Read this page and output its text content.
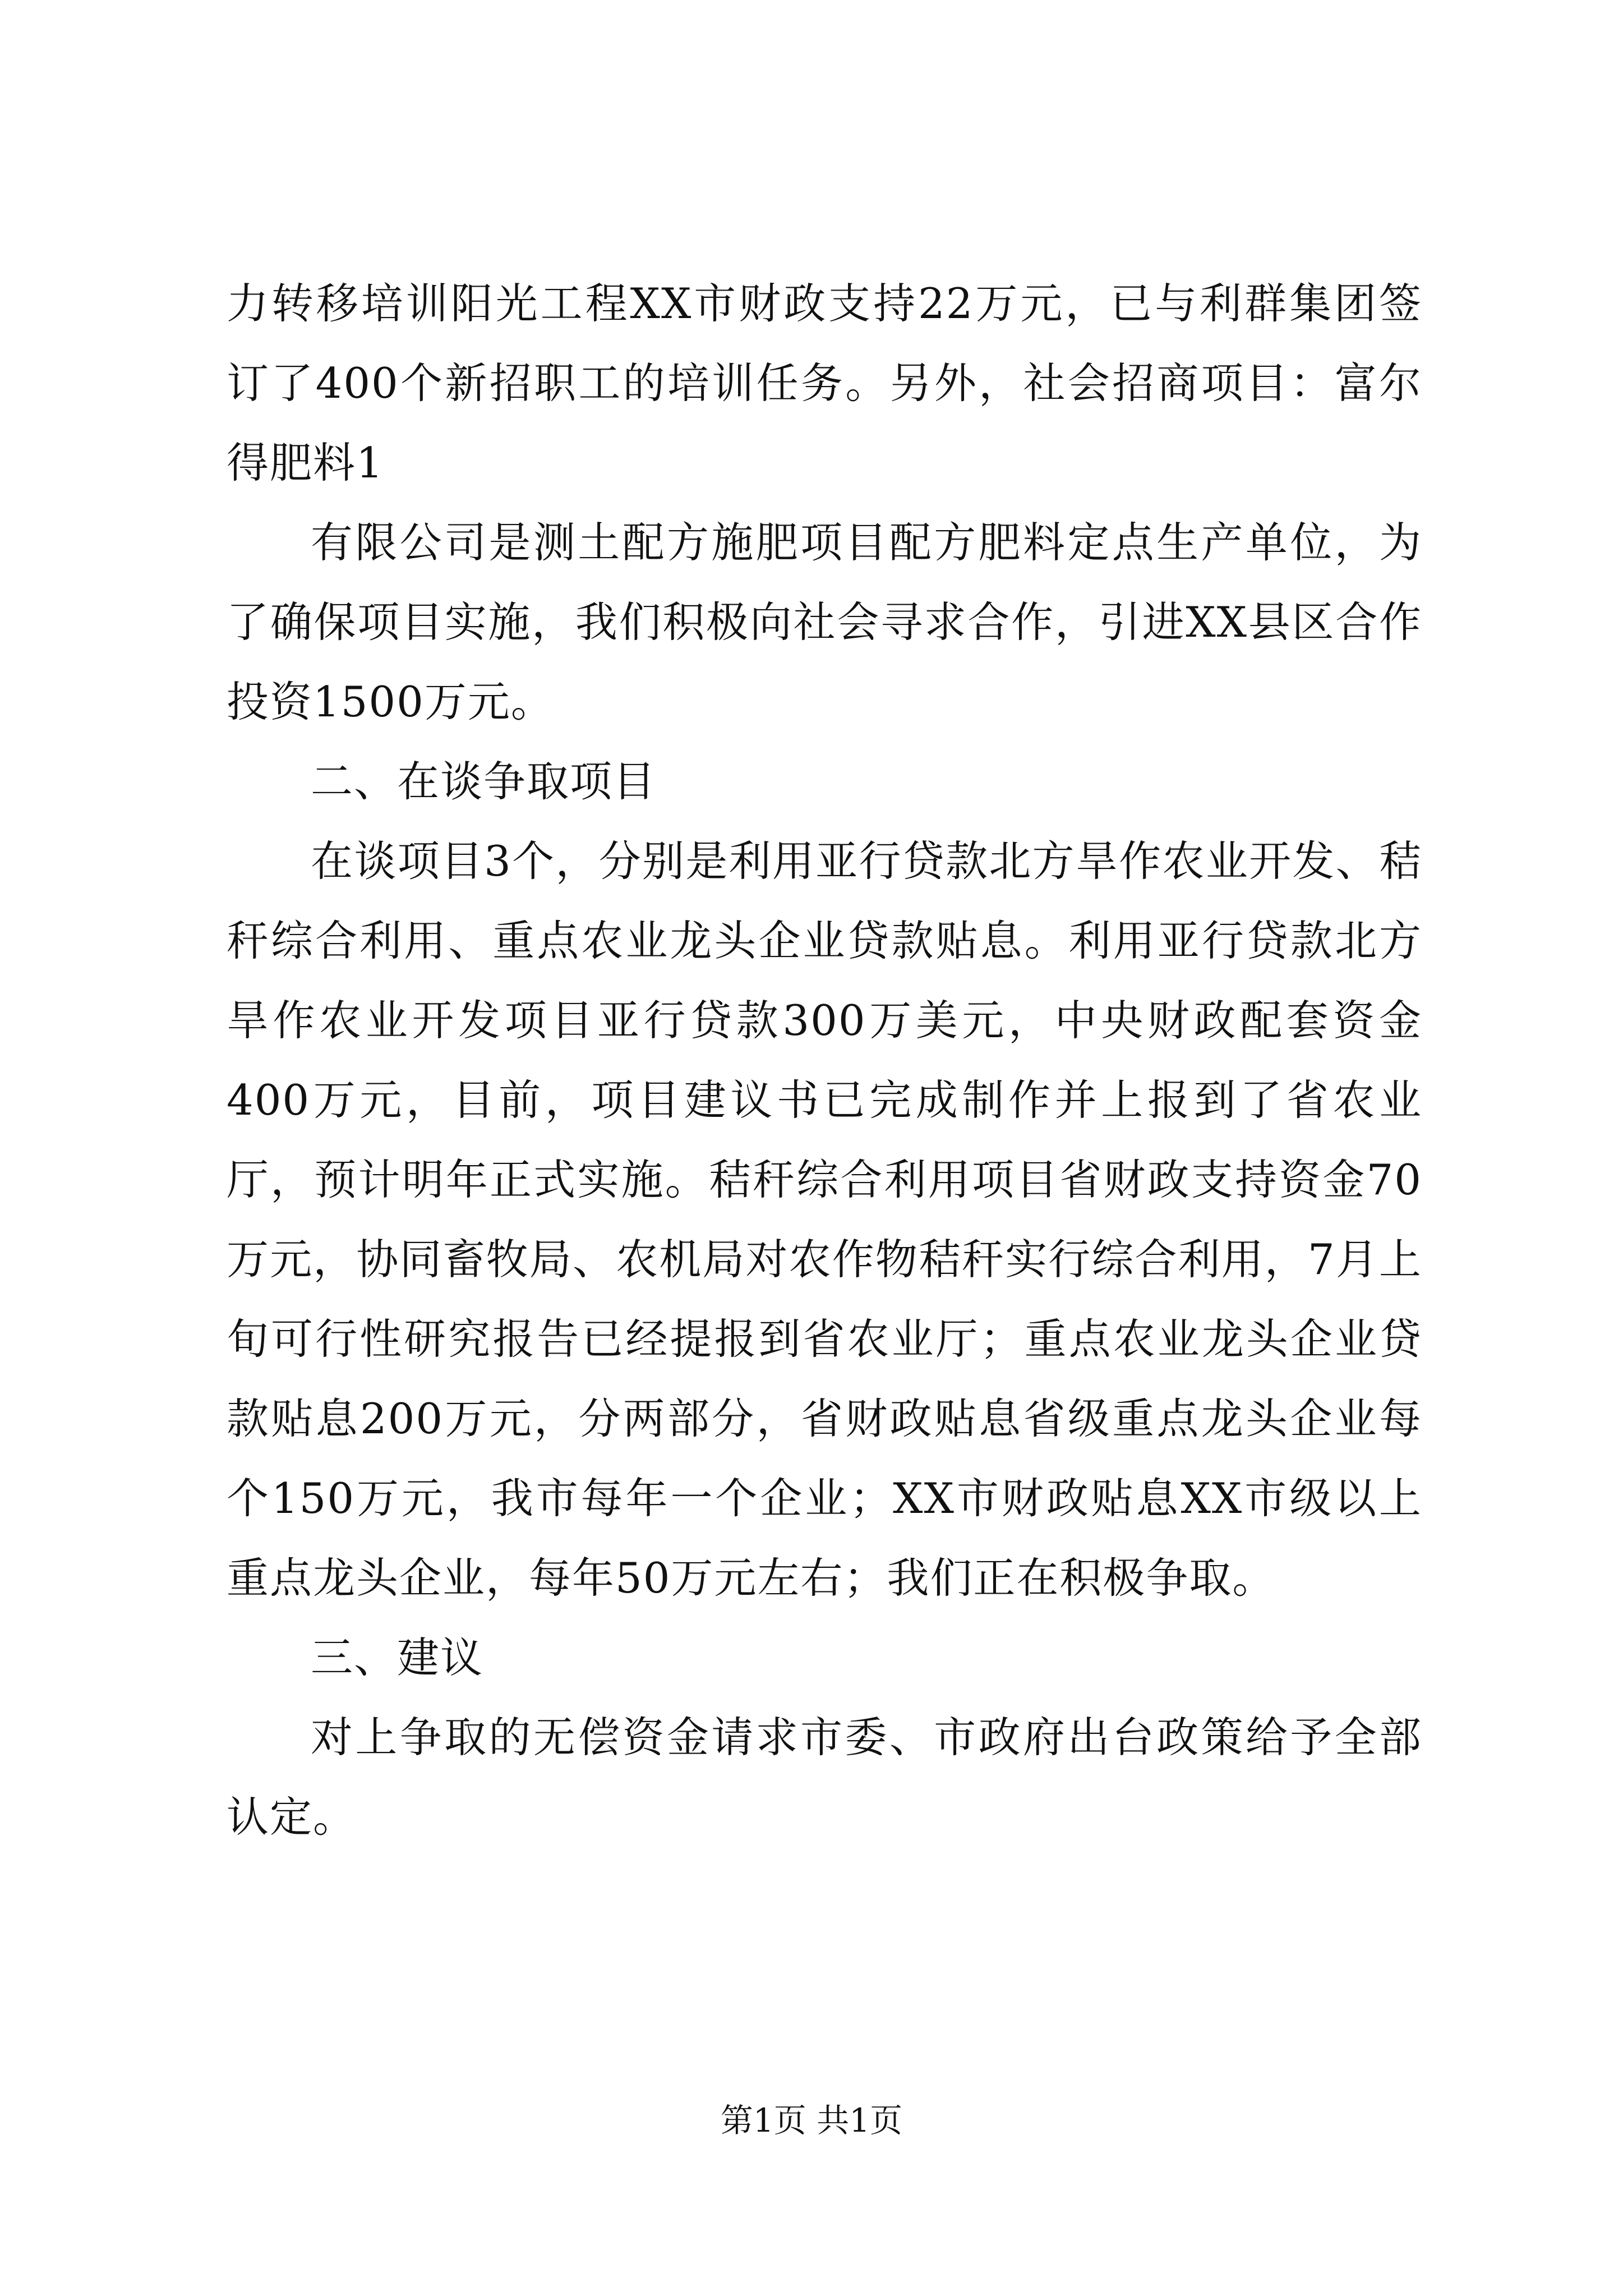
力转移培训阳光工程XX市财政支持22万元，已与利群集团签订了400个新招职工的培训任务。另外，社会招商项目：富尔得肥料1

有限公司是测土配方施肥项目配方肥料定点生产单位，为了确保项目实施，我们积极向社会寻求合作，引进XX县区合作投资1500万元。

二、在谈争取项目

在谈项目3个，分别是利用亚行贷款北方旱作农业开发、秸秆综合利用、重点农业龙头企业贷款贴息。利用亚行贷款北方旱作农业开发项目亚行贷款300万美元，中央财政配套资金400万元，目前，项目建议书已完成制作并上报到了省农业厅，预计明年正式实施。秸秆综合利用项目省财政支持资金70万元，协同畜牧局、农机局对农作物秸秆实行综合利用，7月上旬可行性研究报告已经提报到省农业厅；重点农业龙头企业贷款贴息200万元，分两部分，省财政贴息省级重点龙头企业每个150万元，我市每年一个企业；XX市财政贴息XX市级以上重点龙头企业，每年50万元左右；我们正在积极争取。

三、建议

对上争取的无偿资金请求市委、市政府出台政策给予全部认定。

第1页 共1页
